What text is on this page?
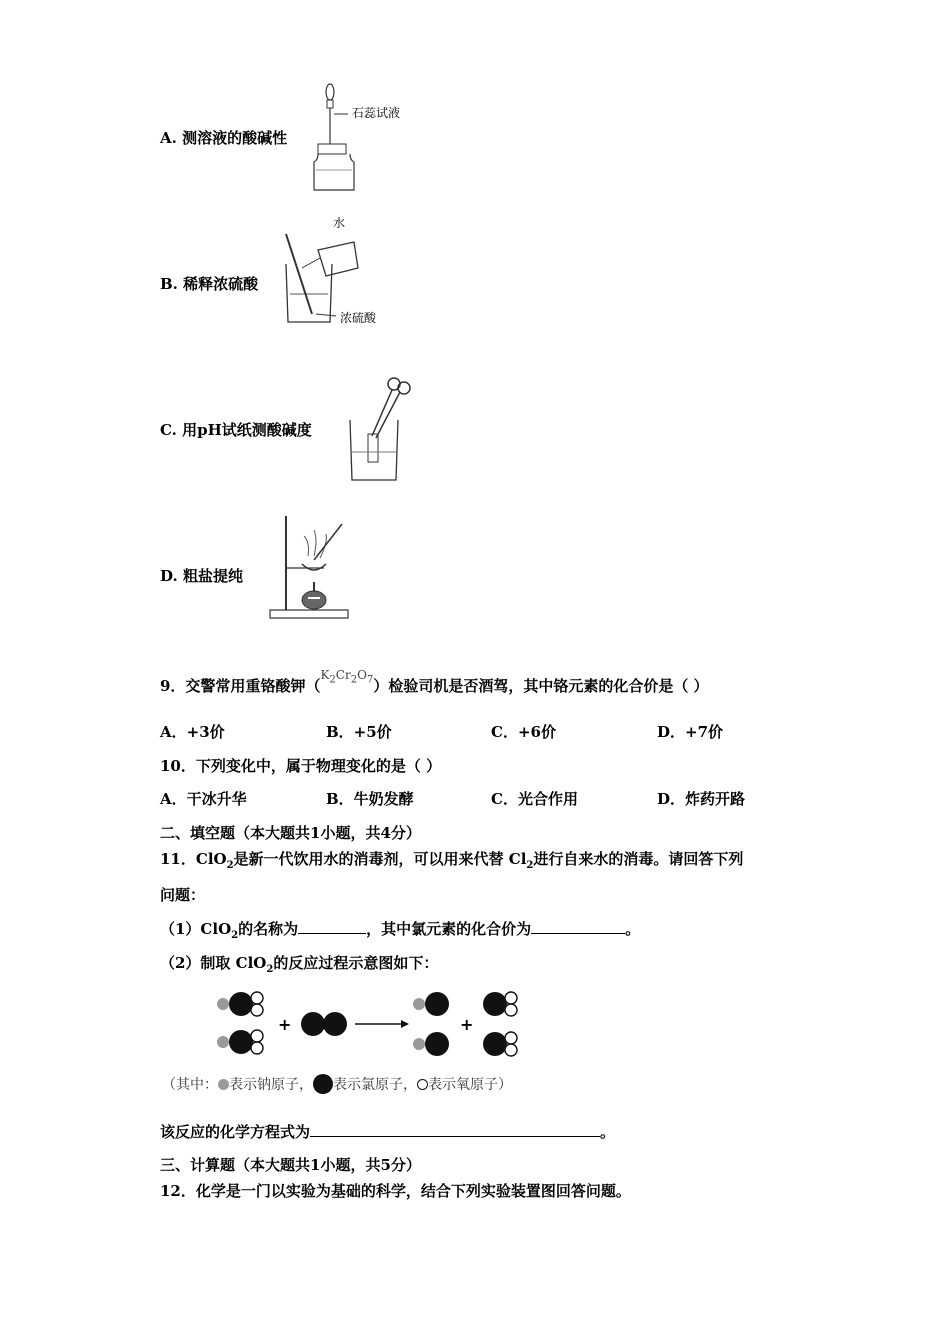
A. 测溶液的酸碱性
石蕊试液
B. 稀释浓硫酸
水
浓硫酸
C. 用pH试纸测酸碱度
D. 粗盐提纯
9．交警常用重铬酸钾（$^{K_2Cr_2O_7}$）检验司机是否酒驾，其中铬元素的化合价是（ ）
A．+3价	B．+5价	C．+6价	D．+7价
10．下列变化中，属于物理变化的是（ ）
A．干冰升华	B．牛奶发酵	C．光合作用	D．炸药开路
二、填空题（本大题共1小题，共4分）
11．ClO$_2$是新一代饮用水的消毒剂，可以用来代替 $Cl_2$进行自来水的消毒。请回答下列
问题：
（1）ClO$_2$的名称为	，其中氯元素的化合价为	。
（2）制取 ClO$_2$的反应过程示意图如下：
+	+
（其中： 表示钠原子， 表示氯原子， 表示氧原子）
该反应的化学方程式为	。
三、计算题（本大题共1小题，共5分）
12．化学是一门以实验为基础的科学，结合下列实验装置图回答问题。
